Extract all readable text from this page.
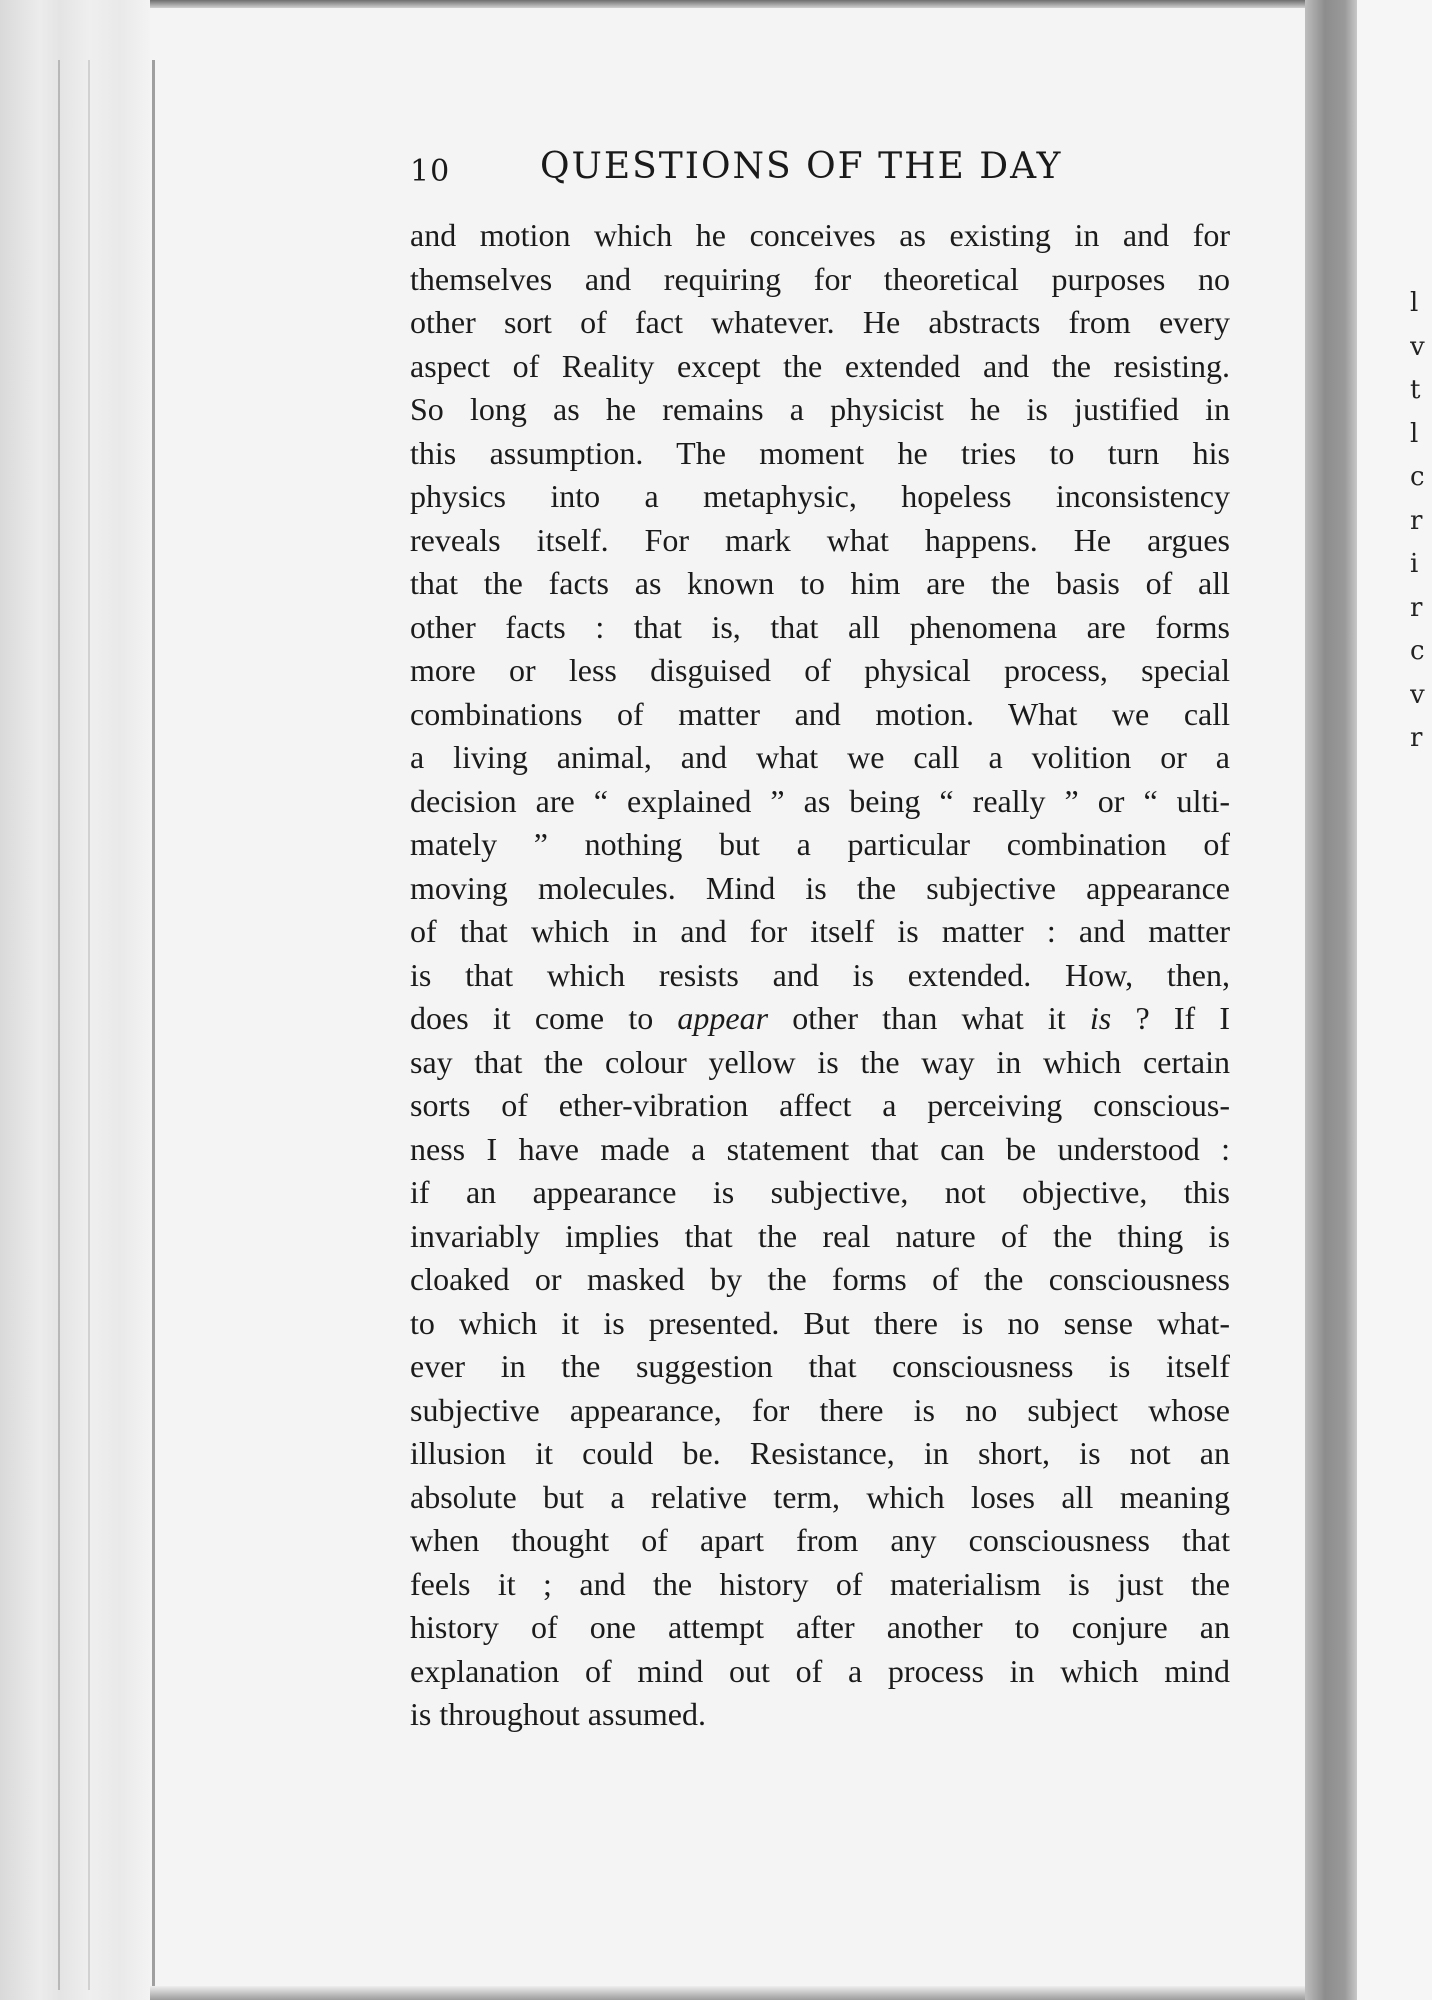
l
v
t
l
c
r
i
r
c
v
r
10 QUESTIONS OF THE DAY
and motion which he conceives as existing in and for
themselves and requiring for theoretical purposes no
other sort of fact whatever. He abstracts from every
aspect of Reality except the extended and the resisting.
So long as he remains a physicist he is justified in
this assumption. The moment he tries to turn his
physics into a metaphysic, hopeless inconsistency
reveals itself. For mark what happens. He argues
that the facts as known to him are the basis of all
other facts : that is, that all phenomena are forms
more or less disguised of physical process, special
combinations of matter and motion. What we call
a living animal, and what we call a volition or a
decision are “ explained ” as being “ really ” or “ ulti-
mately ” nothing but a particular combination of
moving molecules. Mind is the subjective appearance
of that which in and for itself is matter : and matter
is that which resists and is extended. How, then,
does it come to appear other than what it is ? If I
say that the colour yellow is the way in which certain
sorts of ether-vibration affect a perceiving conscious-
ness I have made a statement that can be understood :
if an appearance is subjective, not objective, this
invariably implies that the real nature of the thing is
cloaked or masked by the forms of the consciousness
to which it is presented. But there is no sense what-
ever in the suggestion that consciousness is itself
subjective appearance, for there is no subject whose
illusion it could be. Resistance, in short, is not an
absolute but a relative term, which loses all meaning
when thought of apart from any consciousness that
feels it ; and the history of materialism is just the
history of one attempt after another to conjure an
explanation of mind out of a process in which mind
is throughout assumed.
